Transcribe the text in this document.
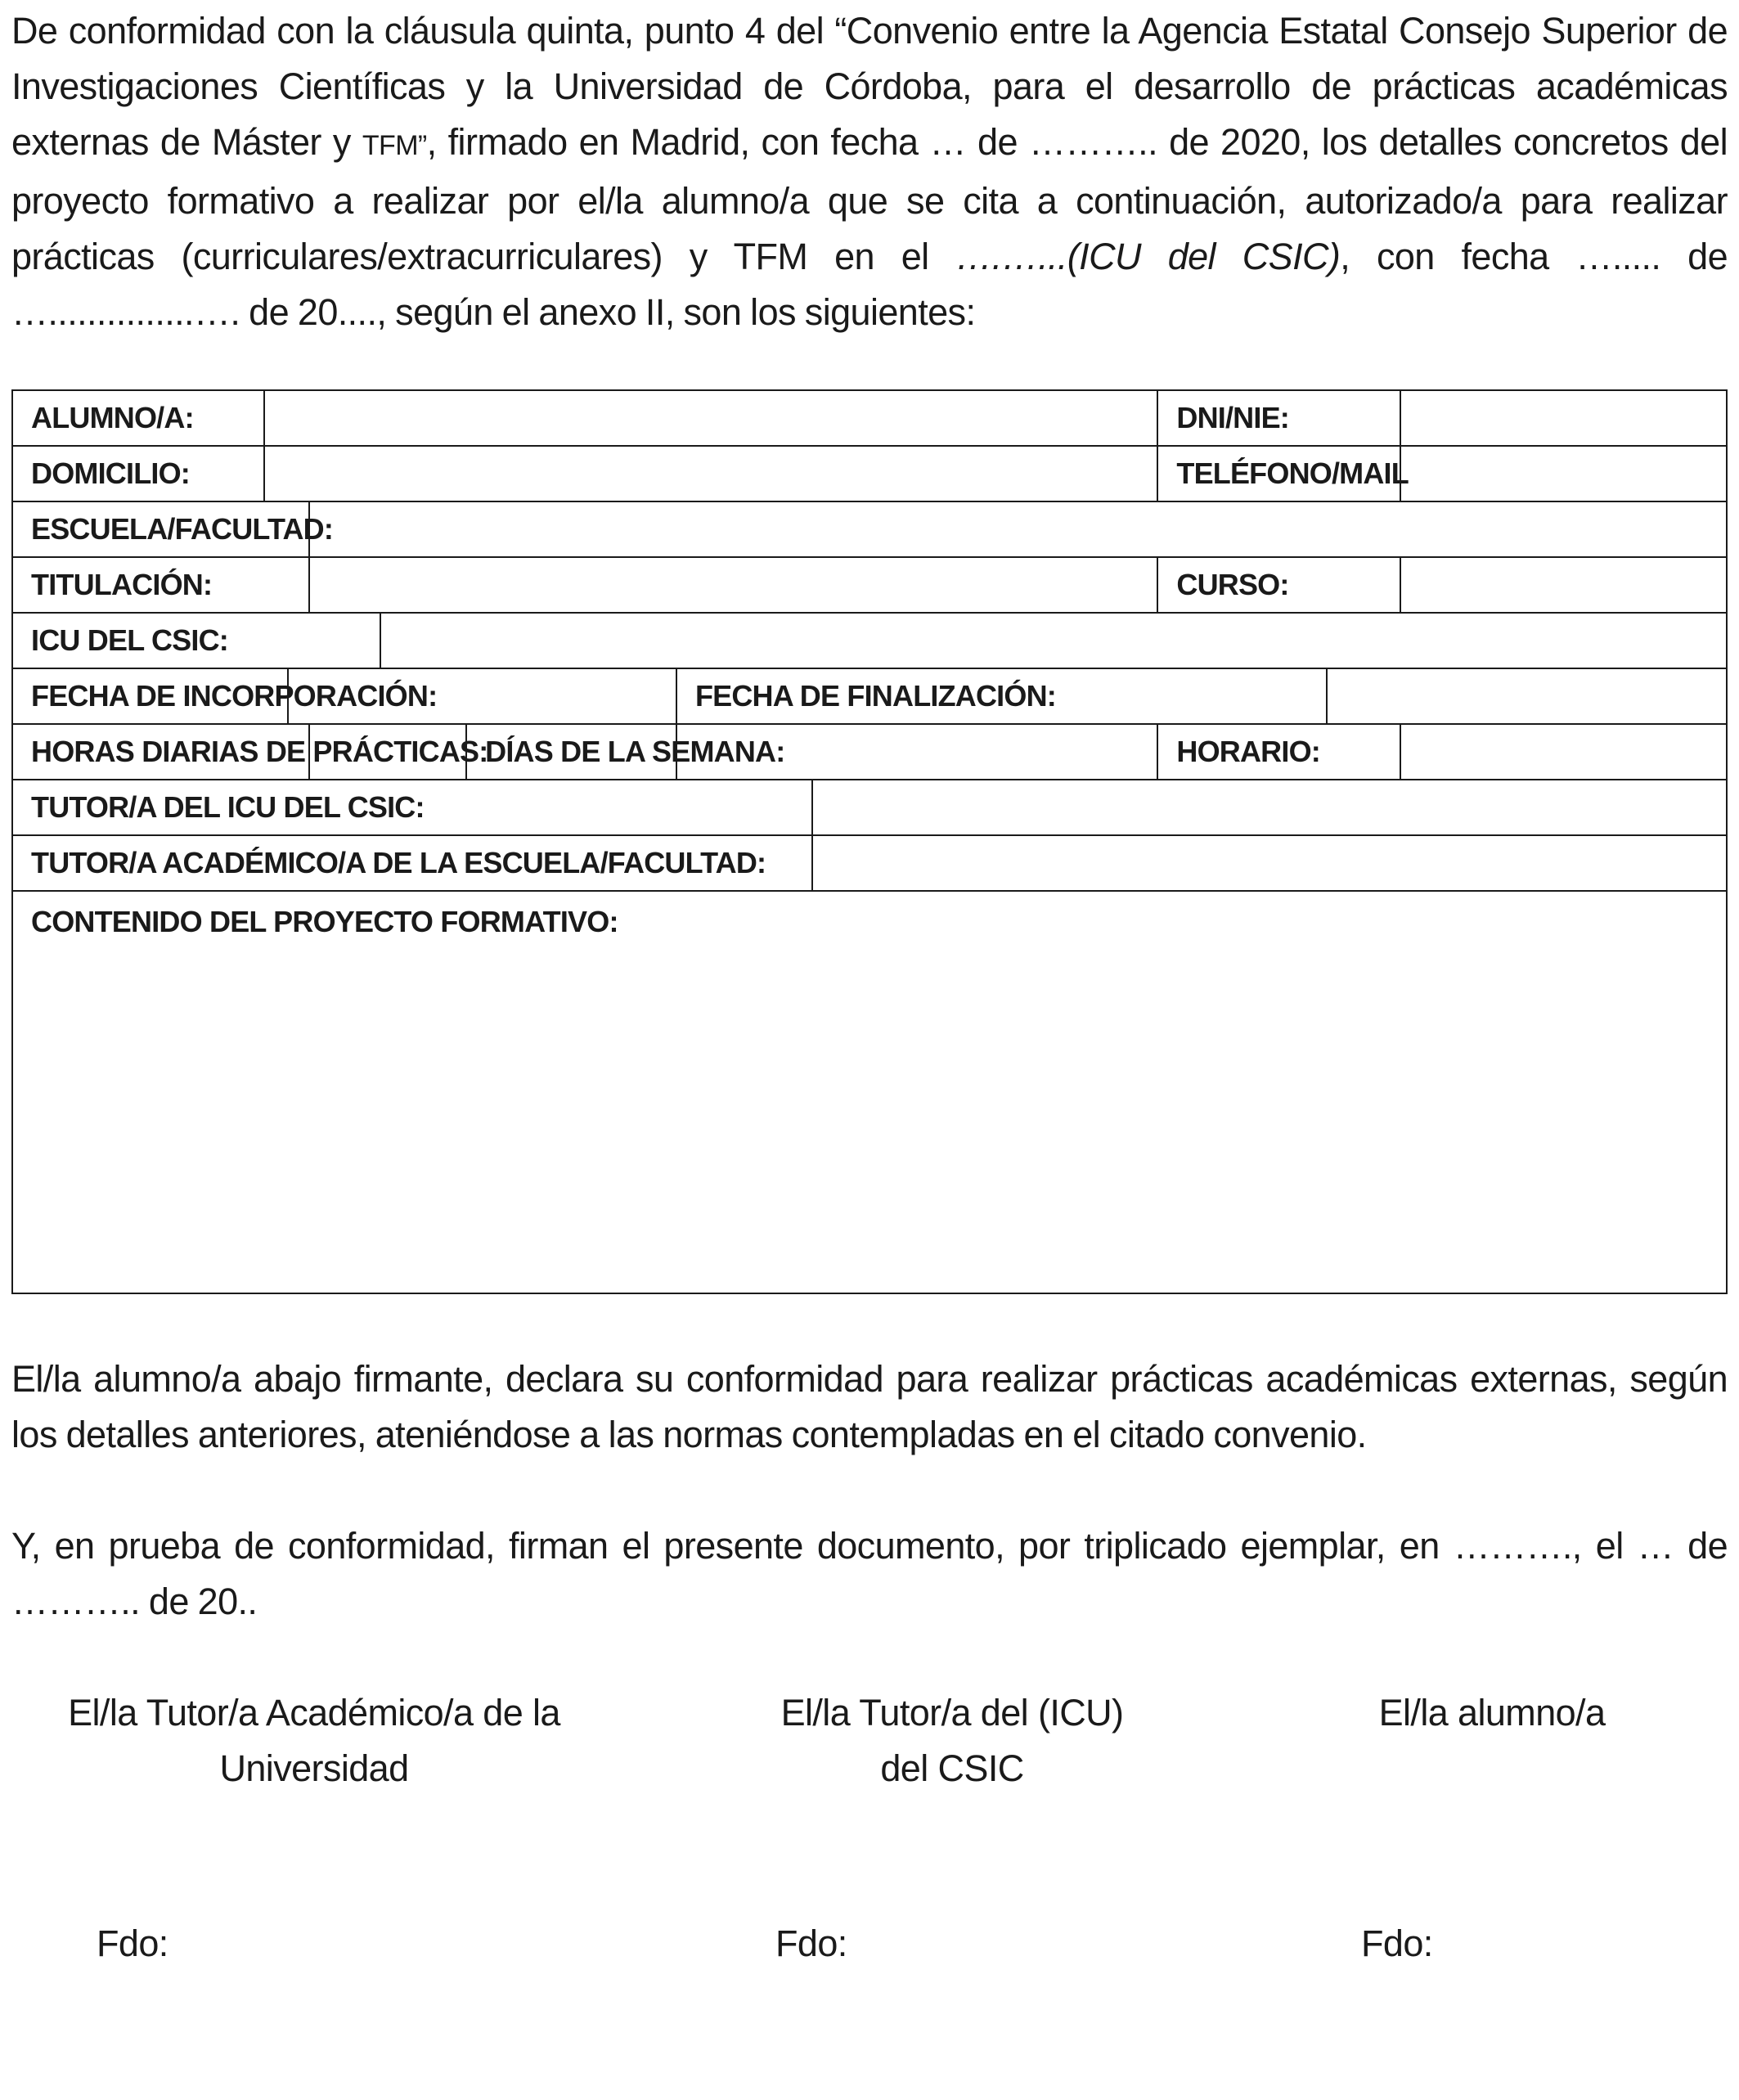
De conformidad con la cláusula quinta, punto 4 del “Convenio entre la Agencia Estatal Consejo Superior de Investigaciones Científicas y la Universidad de Córdoba, para el desarrollo de prácticas académicas externas de Máster y TFM”, firmado en Madrid, con fecha … de ……….. de 2020, los detalles concretos del proyecto formativo a realizar por el/la alumno/a que se cita a continuación, autorizado/a para realizar prácticas (curriculares/extracurriculares) y TFM en el ….…...(ICU del CSIC), con fecha …..... de …...............…. de 20...., según el anexo II, son los siguientes:

ALUMNO/A:								DNI/NIE:		
DOMICILIO:								TELÉFONO/MAIL		
ESCUELA/FACULTAD:										
TITULACIÓN:								CURSO:		
ICU DEL CSIC:										
FECHA DE INCORPORACIÓN:						FECHA DE FINALIZACIÓN:				
HORAS DIARIAS DE PRÁCTICAS:					DÍAS DE LA SEMANA:			HORARIO:		
TUTOR/A DEL ICU DEL CSIC:										
TUTOR/A ACADÉMICO/A DE LA ESCUELA/FACULTAD:										
CONTENIDO DEL PROYECTO FORMATIVO:										

El/la alumno/a abajo firmante, declara su conformidad para realizar prácticas académicas externas, según los detalles anteriores, ateniéndose a las normas contempladas en el citado convenio.

Y, en prueba de conformidad, firman el presente documento, por triplicado ejemplar, en ………., el … de ……….. de 20..

El/la Tutor/a Académico/a de la
Universidad
El/la Tutor/a del (ICU)
del CSIC
El/la alumno/a
Fdo:	Fdo:	Fdo:
